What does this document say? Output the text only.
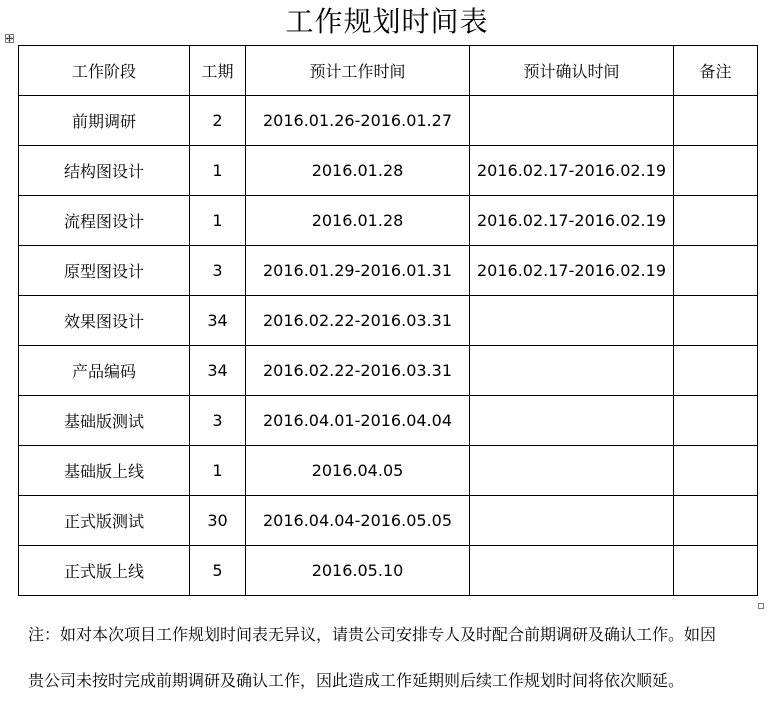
工作规划时间表
工作阶段	工期	预计工作时间	预计确认时间	备注
前期调研	2	2016.01.26-2016.01.27		
结构图设计	1	2016.01.28	2016.02.17-2016.02.19	
流程图设计	1	2016.01.28	2016.02.17-2016.02.19	
原型图设计	3	2016.01.29-2016.01.31	2016.02.17-2016.02.19	
效果图设计	34	2016.02.22-2016.03.31		
产品编码	34	2016.02.22-2016.03.31		
基础版测试	3	2016.04.01-2016.04.04		
基础版上线	1	2016.04.05		
正式版测试	30	2016.04.04-2016.05.05		
正式版上线	5	2016.05.10		

注：如对本次项目工作规划时间表无异议，请贵公司安排专人及时配合前期调研及确认工作。如因

贵公司未按时完成前期调研及确认工作，因此造成工作延期则后续工作规划时间将依次顺延。
